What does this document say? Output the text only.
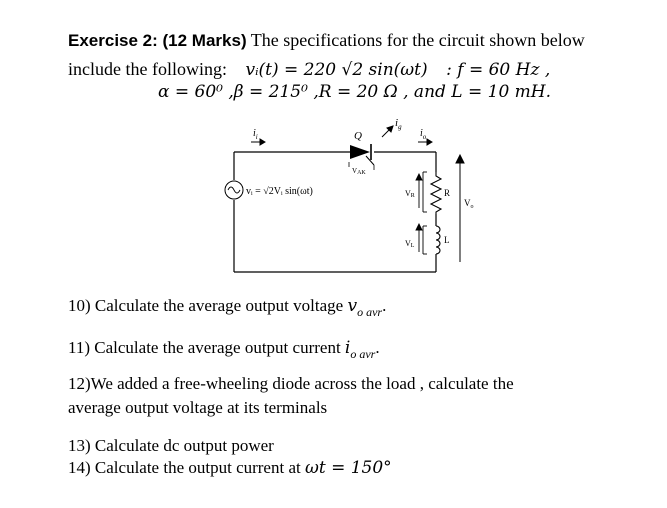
Exercise 2: (12 Marks) The specifications for the circuit shown below
include the following: vᵢ(t) = 220 √2 sin(ωt) : f = 60 Hz ,
α = 60⁰ ,β = 215⁰ ,R = 20 Ω , and L = 10 mH.
Q
$i_g$
$i_i$	$i_o$
VAK
vᵢ = √2Vᵢ sin(ωt)	VR
VL
R
L
$V_o$
10) Calculate the average output voltage $v_{o avr}$.
11) Calculate the average output current $i_{o avr}$.
12)We added a free-wheeling diode across the load , calculate the
average output voltage at its terminals
13) Calculate dc output power
14) Calculate the output current at ωt = 150°
